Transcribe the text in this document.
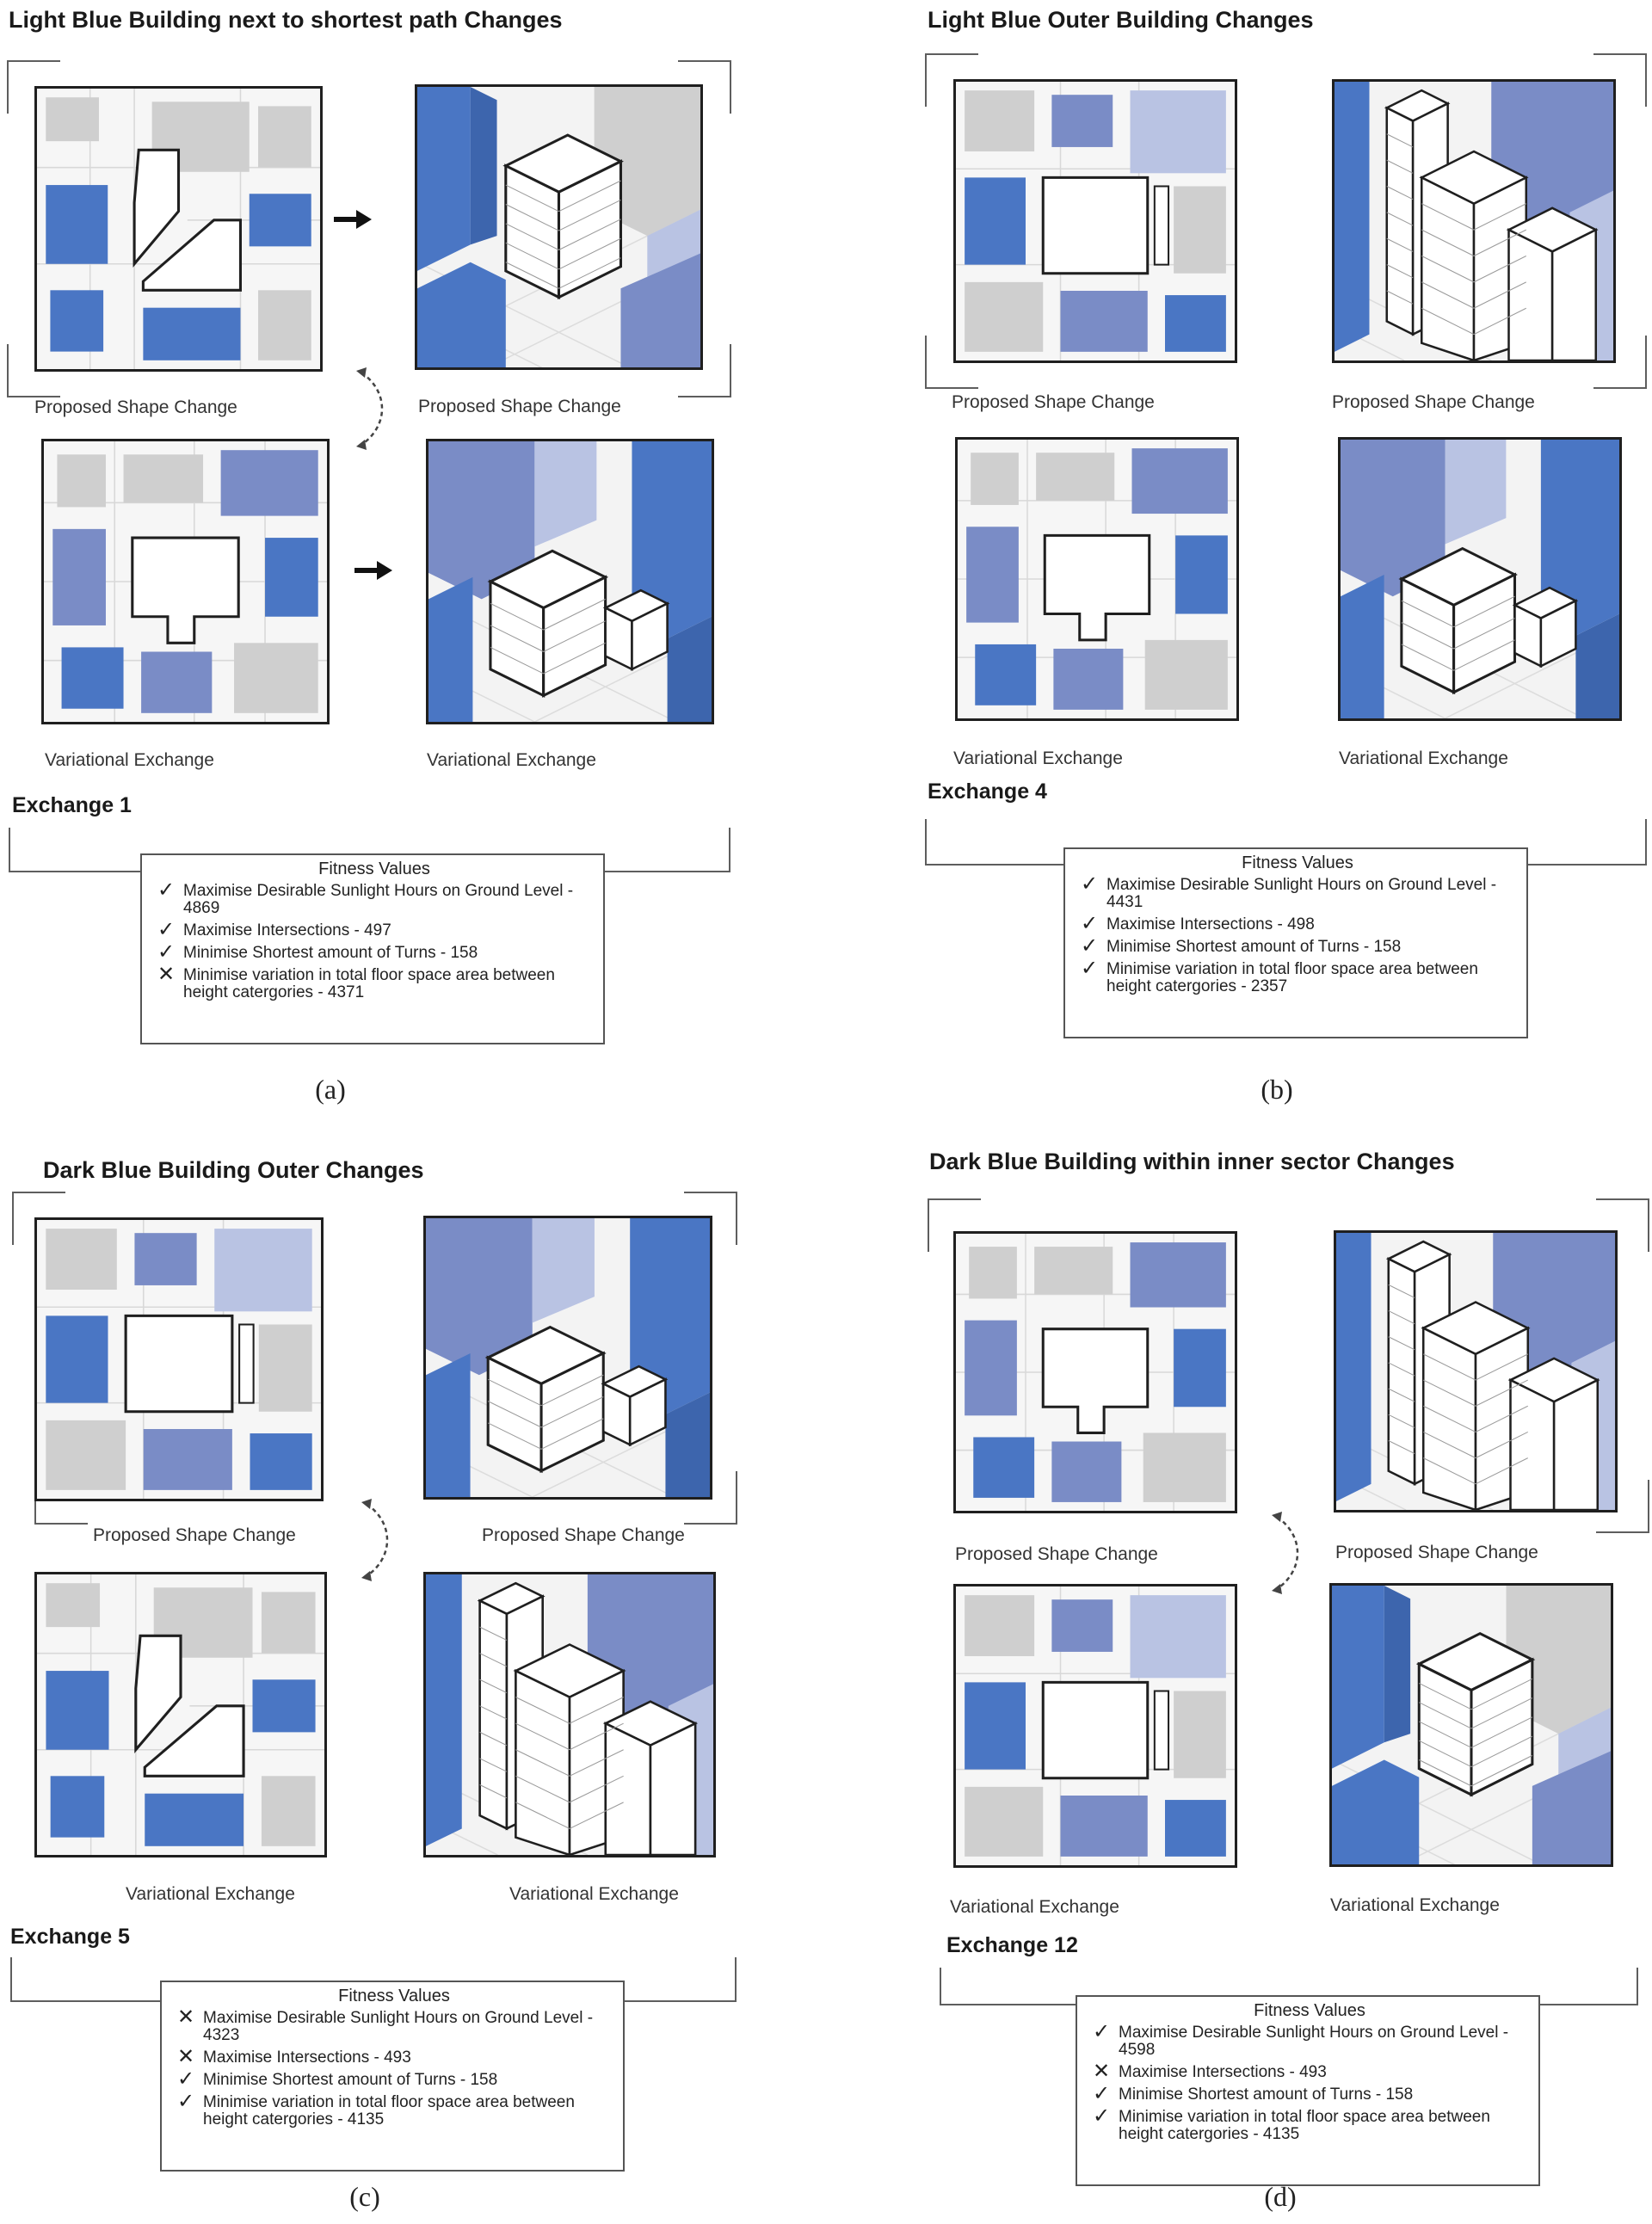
Light Blue Building next to shortest path Changes
Proposed Shape Change	Proposed Shape Change
Variational Exchange	Variational Exchange
Exchange 1
Fitness Values
✓ Maximise Desirable Sunlight Hours on Ground Level - 4869
✓ Maximise Intersections - 497
✓ Minimise Shortest amount of Turns - 158
✕ Minimise variation in total floor space area between height catergories - 4371
(a)
Light Blue Outer Building Changes
Proposed Shape Change	Proposed Shape Change
Variational Exchange	Variational Exchange
Exchange 4
Fitness Values
✓ Maximise Desirable Sunlight Hours on Ground Level - 4431
✓ Maximise Intersections - 498
✓ Minimise Shortest amount of Turns - 158
✓ Minimise variation in total floor space area between height catergories - 2357
(b)
Dark Blue Building Outer Changes
Proposed Shape Change	Proposed Shape Change
Variational Exchange	Variational Exchange
Exchange 5
Fitness Values
✕ Maximise Desirable Sunlight Hours on Ground Level - 4323
✕ Maximise Intersections - 493
✓ Minimise Shortest amount of Turns - 158
✓ Minimise variation in total floor space area between height catergories - 4135
(c)
Dark Blue Building within inner sector Changes
Proposed Shape Change	Proposed Shape Change
Variational Exchange	Variational Exchange
Exchange 12
Fitness Values
✓ Maximise Desirable Sunlight Hours on Ground Level - 4598
✕ Maximise Intersections - 493
✓ Minimise Shortest amount of Turns - 158
✓ Minimise variation in total floor space area between height catergories - 4135
(d)
